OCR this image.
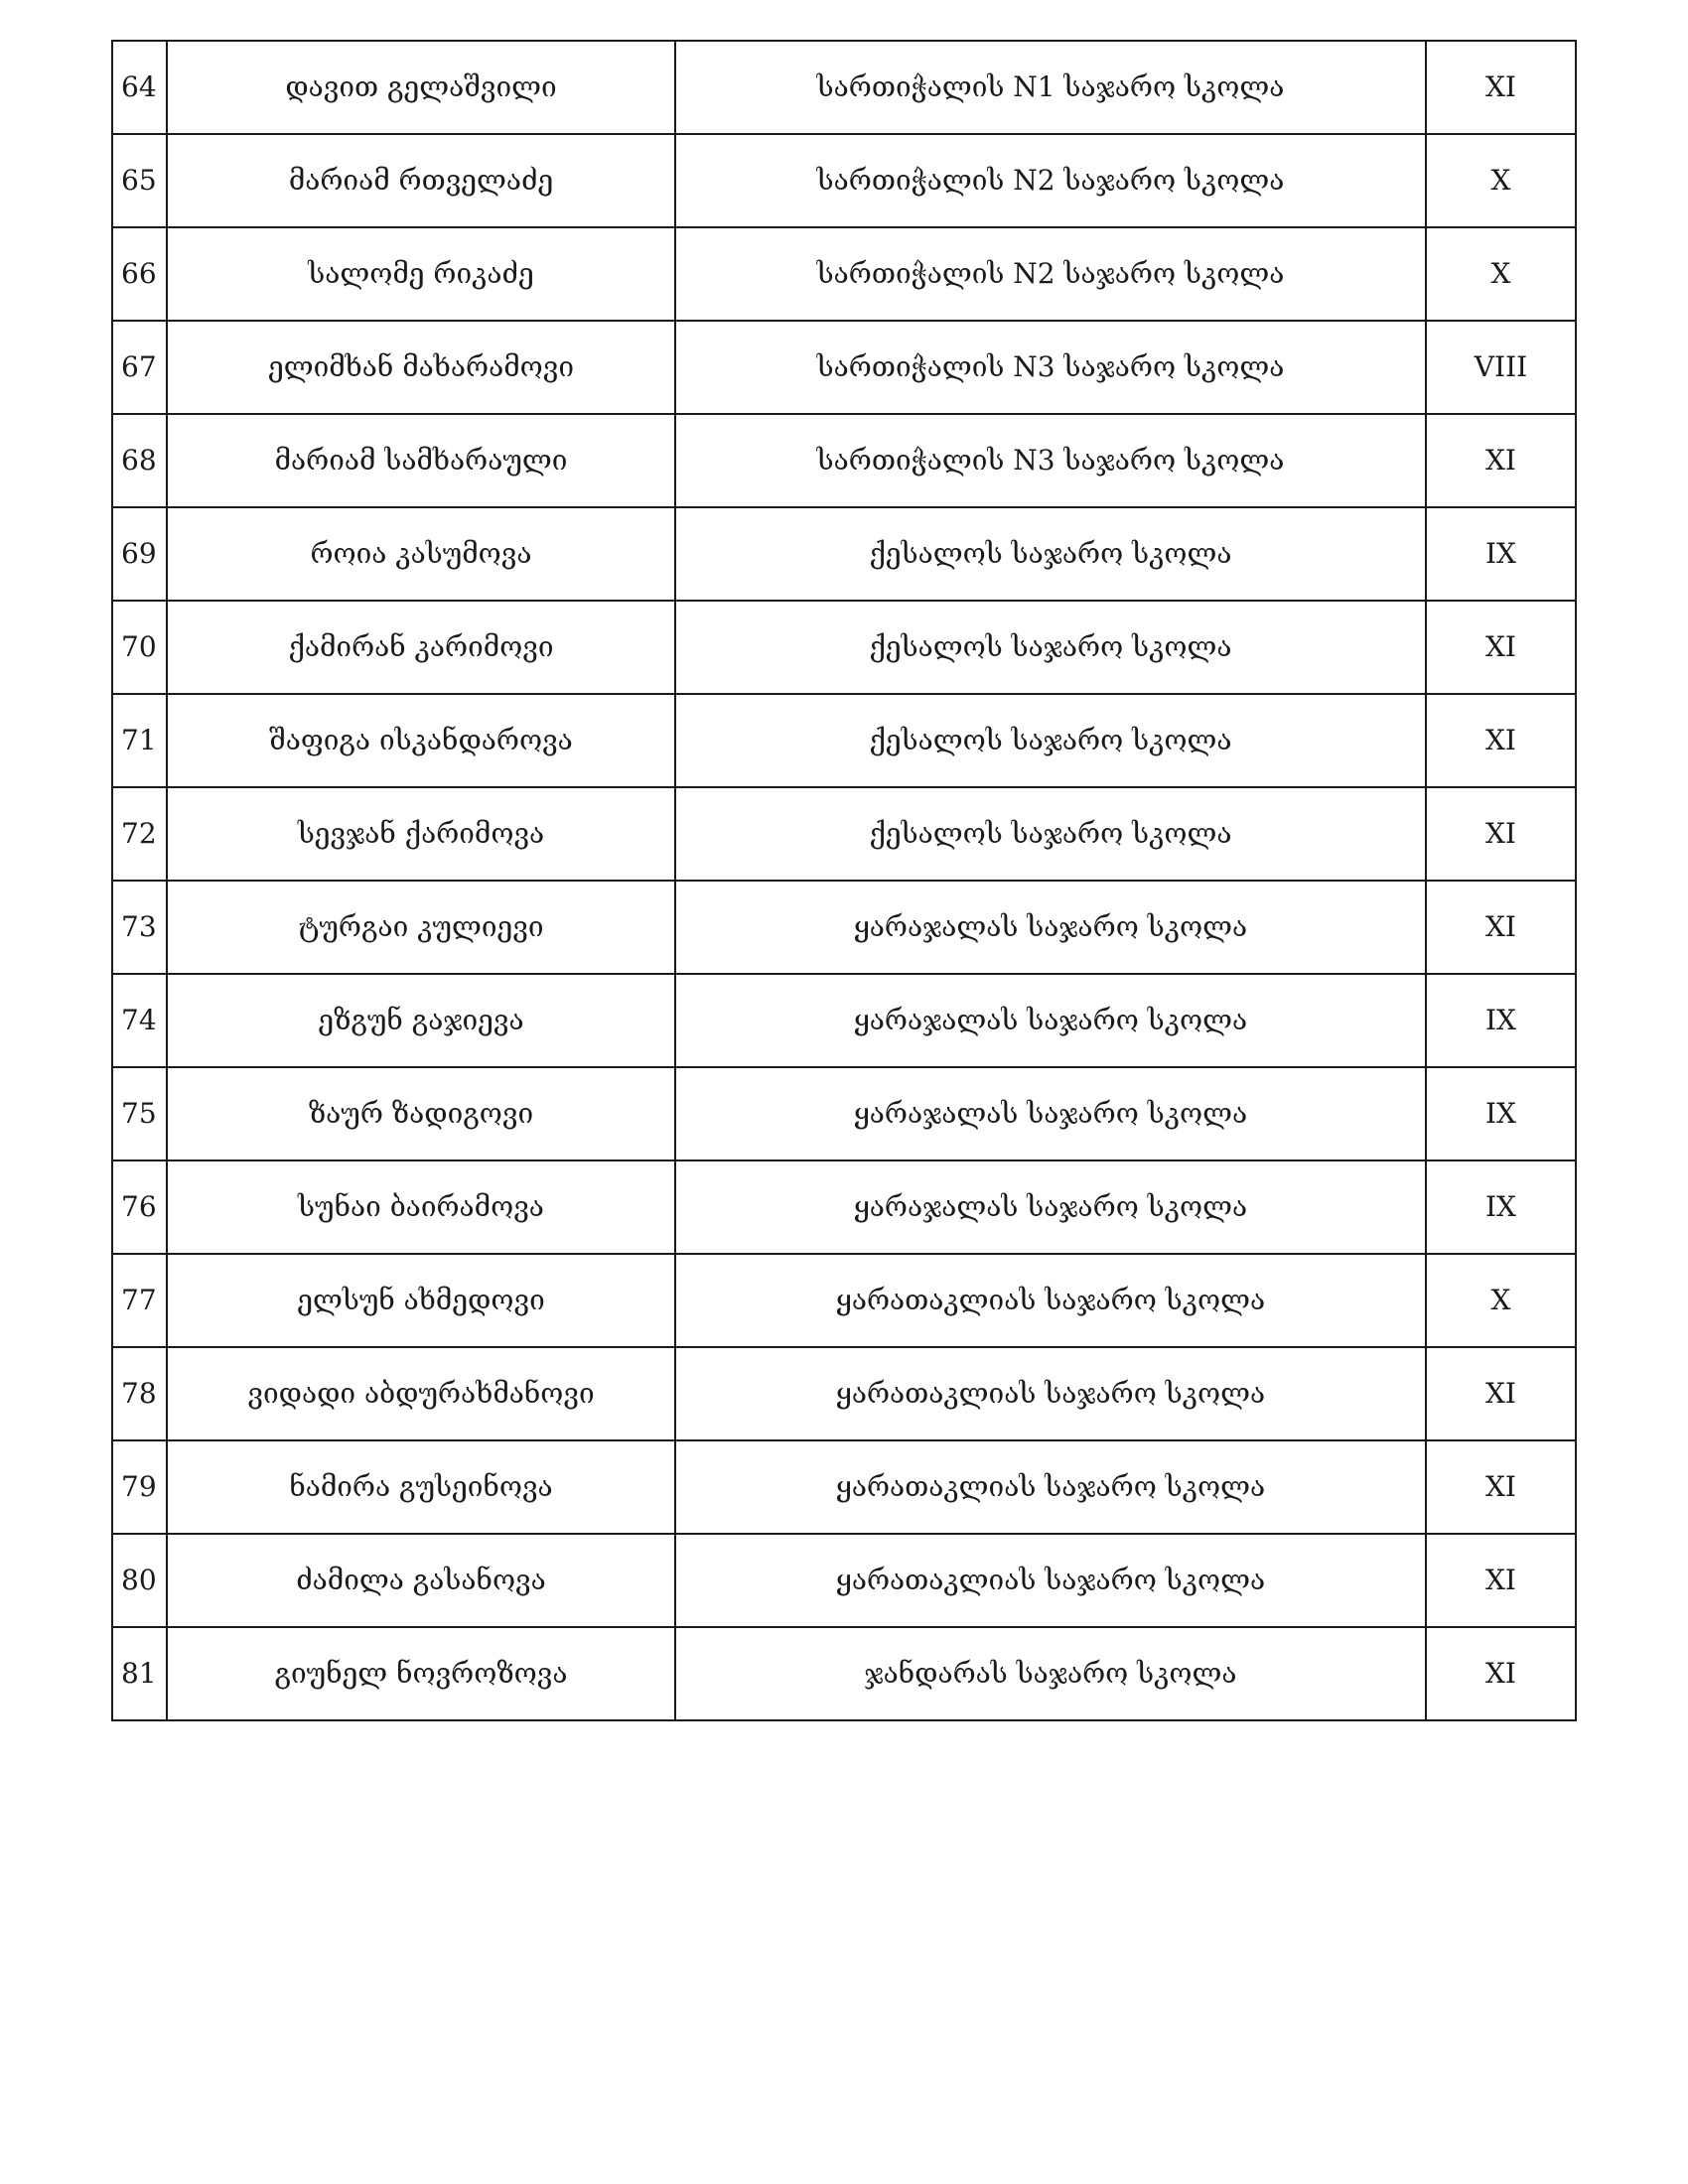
64	დავით გელაშვილი	სართიჭალის N1 საჯარო სკოლა	XI
65	მარიამ რთველაძე	სართიჭალის N2 საჯარო სკოლა	X
66	სალომე რიკაძე	სართიჭალის N2 საჯარო სკოლა	X
67	ელიმხან მახარამოვი	სართიჭალის N3 საჯარო სკოლა	VIII
68	მარიამ სამხარაული	სართიჭალის N3 საჯარო სკოლა	XI
69	როია კასუმოვა	ქესალოს საჯარო სკოლა	IX
70	ქამირან კარიმოვი	ქესალოს საჯარო სკოლა	XI
71	შაფიგა ისკანდაროვა	ქესალოს საჯარო სკოლა	XI
72	სევჯან ქარიმოვა	ქესალოს საჯარო სკოლა	XI
73	ტურგაი კულიევი	ყარაჯალას საჯარო სკოლა	XI
74	ეზგუნ გაჯიევა	ყარაჯალას საჯარო სკოლა	IX
75	ზაურ ზადიგოვი	ყარაჯალას საჯარო სკოლა	IX
76	სუნაი ბაირამოვა	ყარაჯალას საჯარო სკოლა	IX
77	ელსუნ ახმედოვი	ყარათაკლიას საჯარო სკოლა	X
78	ვიდადი აბდურახმანოვი	ყარათაკლიას საჯარო სკოლა	XI
79	ნამირა გუსეინოვა	ყარათაკლიას საჯარო სკოლა	XI
80	ძამილა გასანოვა	ყარათაკლიას საჯარო სკოლა	XI
81	გიუნელ ნოვროზოვა	ჯანდარას საჯარო სკოლა	XI
